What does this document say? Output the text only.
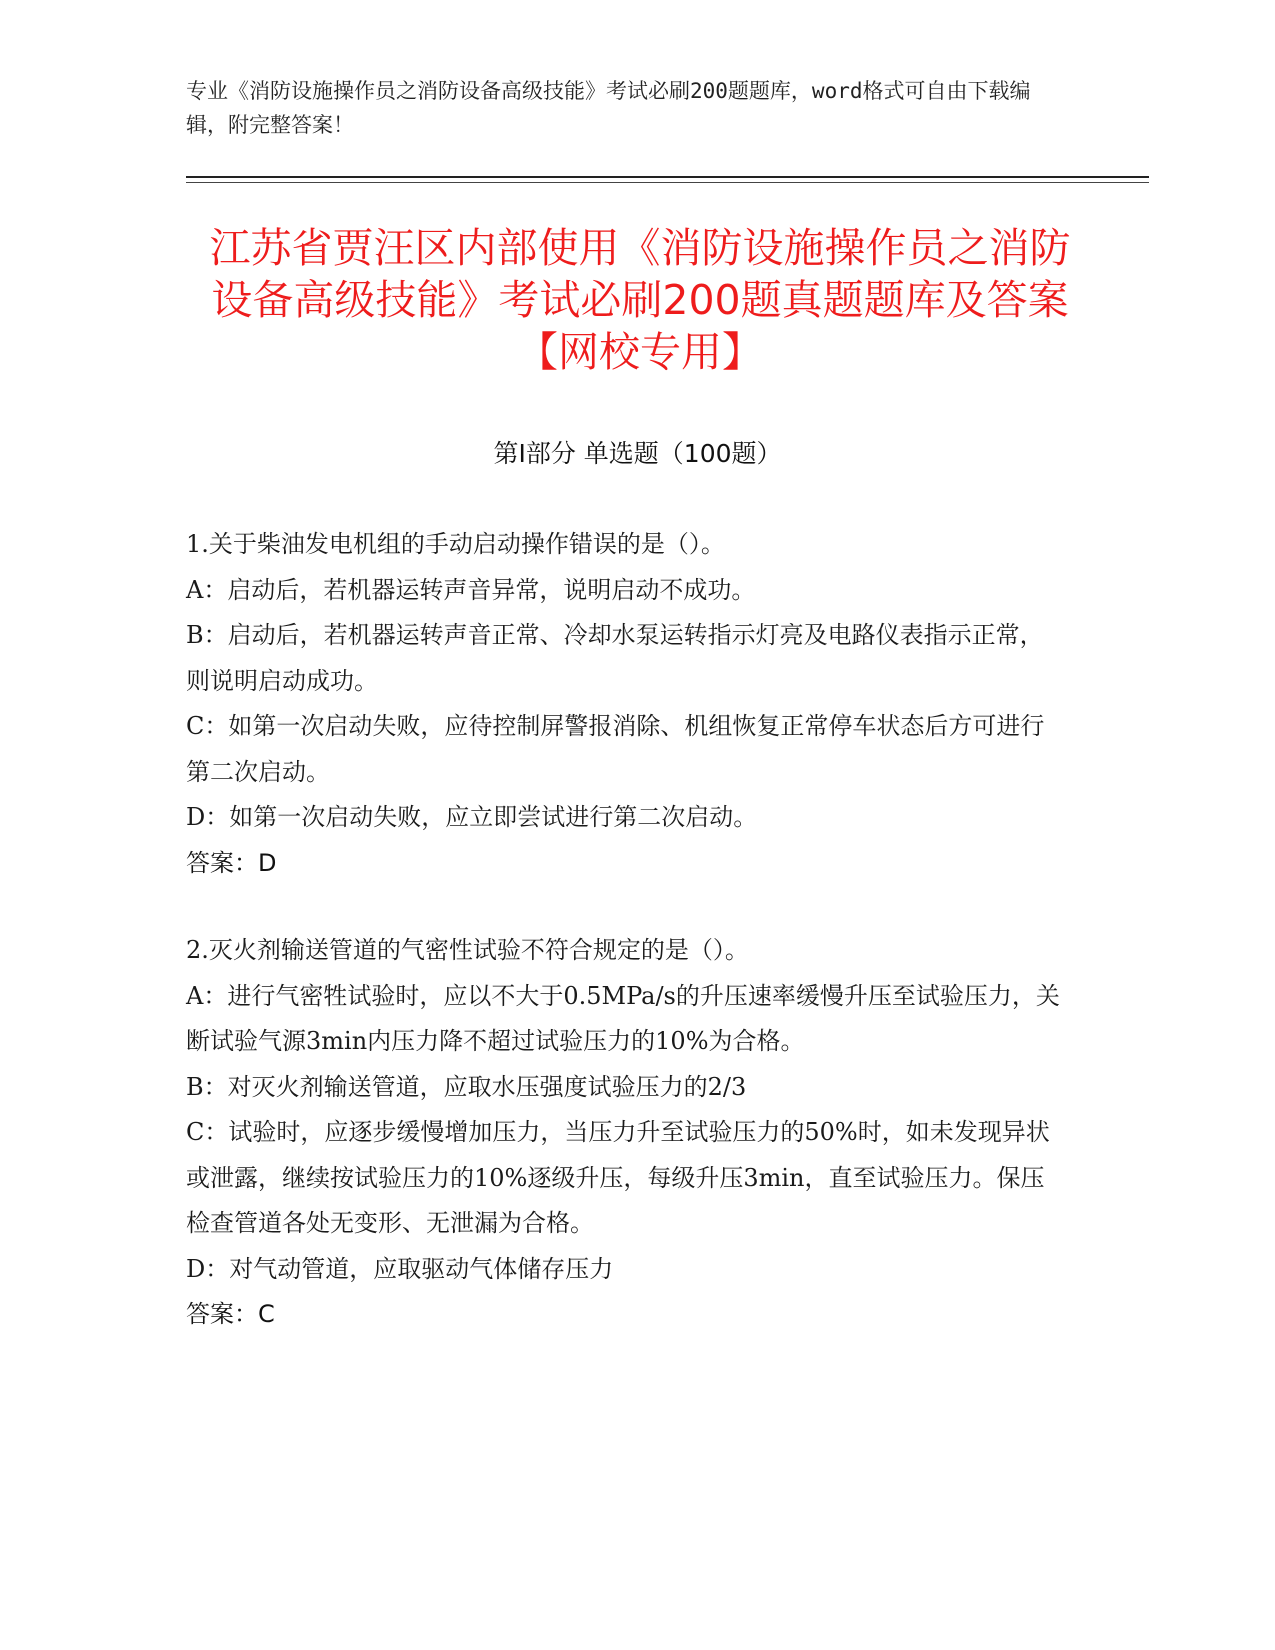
专业《消防设施操作员之消防设备高级技能》考试必刷200题题库，word格式可自由下载编辑，附完整答案！
江苏省贾汪区内部使用《消防设施操作员之消防设备高级技能》考试必刷200题真题题库及答案【网校专用】
第I部分 单选题（100题）
1.关于柴油发电机组的手动启动操作错误的是（）。
A：启动后，若机器运转声音异常，说明启动不成功。
B：启动后，若机器运转声音正常、冷却水泵运转指示灯亮及电路仪表指示正常，则说明启动成功。
C：如第一次启动失败，应待控制屏警报消除、机组恢复正常停车状态后方可进行第二次启动。
D：如第一次启动失败，应立即尝试进行第二次启动。
答案：D
2.灭火剂输送管道的气密性试验不符合规定的是（）。
A：进行气密牲试验时，应以不大于0.5MPa/s的升压速率缓慢升压至试验压力，关断试验气源3min内压力降不超过试验压力的10%为合格。
B：对灭火剂输送管道，应取水压强度试验压力的2/3
C：试验时，应逐步缓慢增加压力，当压力升至试验压力的50%时，如未发现异状或泄露，继续按试验压力的10%逐级升压，每级升压3min，直至试验压力。保压检查管道各处无变形、无泄漏为合格。
D：对气动管道，应取驱动气体储存压力
答案：C
